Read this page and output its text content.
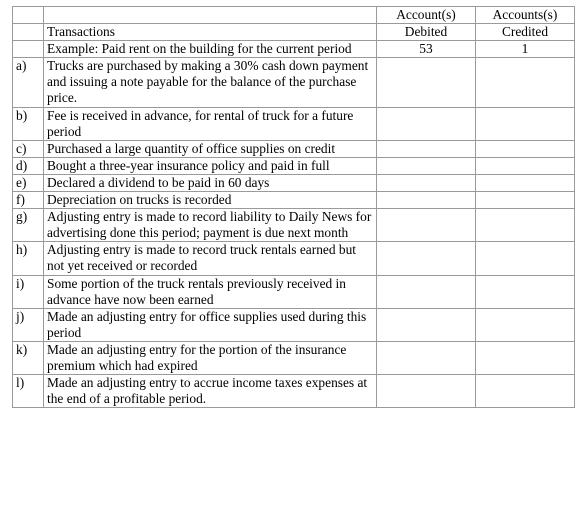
		Account(s)	Accounts(s)
	Transactions	Debited	Credited
	Example: Paid rent on the building for the current period	53	1
a)	Trucks are purchased by making a 30% cash down payment and issuing a note payable for the balance of the purchase price.		
b)	Fee is received in advance, for rental of truck for a future period		
c)	Purchased a large quantity of office supplies on credit		
d)	Bought a three-year insurance policy and paid in full		
e)	Declared a dividend to be paid in 60 days		
f)	Depreciation on trucks is recorded		
g)	Adjusting entry is made to record liability to Daily News for advertising done this period; payment is due next month		
h)	Adjusting entry is made to record truck rentals earned but not yet received or recorded		
i)	Some portion of the truck rentals previously received in advance have now been earned		
j)	Made an adjusting entry for office supplies used during this period		
k)	Made an adjusting entry for the portion of the insurance premium which had expired		
l)	Made an adjusting entry to accrue income taxes expenses at the end of a profitable period.		
